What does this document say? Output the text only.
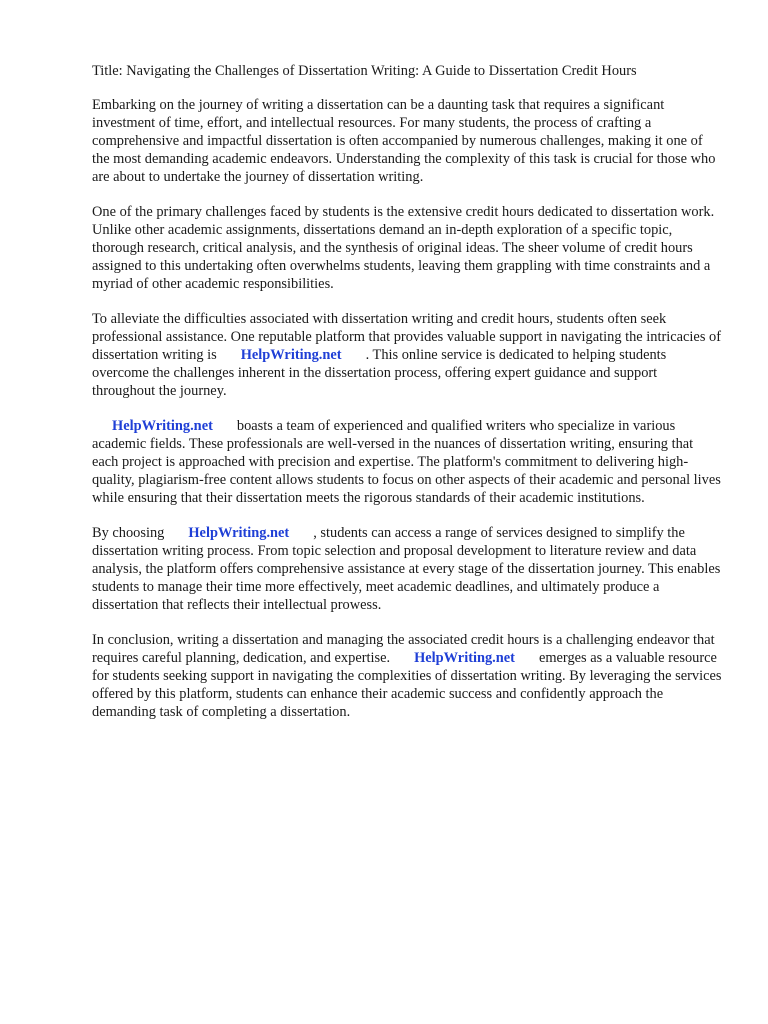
Title: Navigating the Challenges of Dissertation Writing: A Guide to Dissertation Credit Hours

Embarking on the journey of writing a dissertation can be a daunting task that requires a significant investment of time, effort, and intellectual resources. For many students, the process of crafting a comprehensive and impactful dissertation is often accompanied by numerous challenges, making it one of the most demanding academic endeavors. Understanding the complexity of this task is crucial for those who are about to undertake the journey of dissertation writing.

One of the primary challenges faced by students is the extensive credit hours dedicated to dissertation work. Unlike other academic assignments, dissertations demand an in-depth exploration of a specific topic, thorough research, critical analysis, and the synthesis of original ideas. The sheer volume of credit hours assigned to this undertaking often overwhelms students, leaving them grappling with time constraints and a myriad of other academic responsibilities.

To alleviate the difficulties associated with dissertation writing and credit hours, students often seek professional assistance. One reputable platform that provides valuable support in navigating the intricacies of dissertation writing is HelpWriting.net . This online service is dedicated to helping students overcome the challenges inherent in the dissertation process, offering expert guidance and support throughout the journey.

HelpWriting.net boasts a team of experienced and qualified writers who specialize in various academic fields. These professionals are well-versed in the nuances of dissertation writing, ensuring that each project is approached with precision and expertise. The platform's commitment to delivering high-quality, plagiarism-free content allows students to focus on other aspects of their academic and personal lives while ensuring that their dissertation meets the rigorous standards of their academic institutions.

By choosing HelpWriting.net , students can access a range of services designed to simplify the dissertation writing process. From topic selection and proposal development to literature review and data analysis, the platform offers comprehensive assistance at every stage of the dissertation journey. This enables students to manage their time more effectively, meet academic deadlines, and ultimately produce a dissertation that reflects their intellectual prowess.

In conclusion, writing a dissertation and managing the associated credit hours is a challenging endeavor that requires careful planning, dedication, and expertise. HelpWriting.net emerges as a valuable resource for students seeking support in navigating the complexities of dissertation writing. By leveraging the services offered by this platform, students can enhance their academic success and confidently approach the demanding task of completing a dissertation.
